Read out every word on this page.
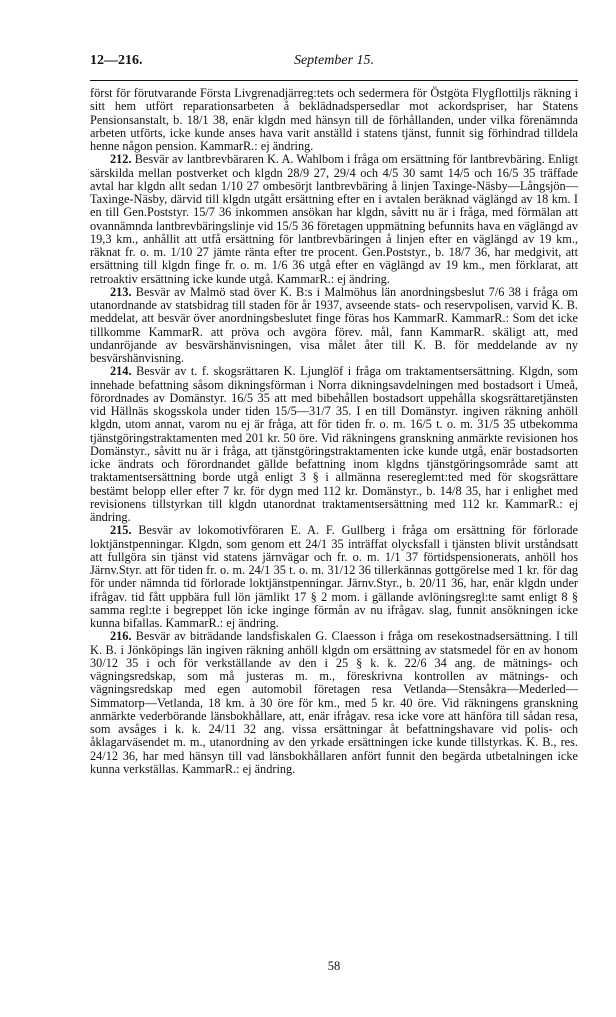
12—216.	September 15.

först för förutvarande Första Livgrenadjärreg:tets och sedermera för Östgöta Flygflottiljs räkning i sitt hem utfört reparationsarbeten å beklädnadspersedlar mot ackordspriser, har Statens Pensionsanstalt, b. 18/1 38, enär klgdn med hänsyn till de förhållanden, under vilka förenämnda arbeten utförts, icke kunde anses hava varit anställd i statens tjänst, funnit sig förhindrad tilldela henne någon pension. KammarR.: ej ändring.

212. Besvär av lantbrevbäraren K. A. Wahlbom i fråga om ersättning för lantbrevbäring. Enligt särskilda mellan postverket och klgdn 28/9 27, 29/4 och 4/5 30 samt 14/5 och 16/5 35 träffade avtal har klgdn allt sedan 1/10 27 ombesörjt lantbrevbäring å linjen Taxinge-Näsby—Långsjön—Taxinge-Näsby, därvid till klgdn utgått ersättning efter en i avtalen beräknad väglängd av 18 km. I en till Gen.Poststyr. 15/7 36 inkommen ansökan har klgdn, såvitt nu är i fråga, med förmälan att ovannämnda lantbrevbäringslinje vid 15/5 36 företagen uppmätning befunnits hava en väglängd av 19,3 km., anhållit att utfå ersättning för lantbrevbäringen å linjen efter en väglängd av 19 km., räknat fr. o. m. 1/10 27 jämte ränta efter tre procent. Gen.Poststyr., b. 18/7 36, har medgivit, att ersättning till klgdn finge fr. o. m. 1/6 36 utgå efter en väglängd av 19 km., men förklarat, att retroaktiv ersättning icke kunde utgå. KammarR.: ej ändring.

213. Besvär av Malmö stad över K. B:s i Malmöhus län anordningsbeslut 7/6 38 i fråga om utanordnande av statsbidrag till staden för år 1937, avseende stats- och reservpolisen, varvid K. B. meddelat, att besvär över anordningsbeslutet finge föras hos KammarR. KammarR.: Som det icke tillkomme KammarR. att pröva och avgöra förev. mål, fann KammarR. skäligt att, med undanröjande av besvärshänvisningen, visa målet åter till K. B. för meddelande av ny besvärshänvisning.

214. Besvär av t. f. skogsrättaren K. Ljunglöf i fråga om traktamentsersättning. Klgdn, som innehade befattning såsom dikningsförman i Norra dikningsavdelningen med bostadsort i Umeå, förordnades av Domänstyr. 16/5 35 att med bibehållen bostadsort uppehålla skogsrättaretjänsten vid Hällnäs skogsskola under tiden 15/5—31/7 35. I en till Domänstyr. ingiven räkning anhöll klgdn, utom annat, varom nu ej är fråga, att för tiden fr. o. m. 16/5 t. o. m. 31/5 35 utbekomma tjänstgöringstraktamenten med 201 kr. 50 öre. Vid räkningens granskning anmärkte revisionen hos Domänstyr., såvitt nu är i fråga, att tjänstgöringstraktamenten icke kunde utgå, enär bostadsorten icke ändrats och förordnandet gällde befattning inom klgdns tjänstgöringsområde samt att traktamentsersättning borde utgå enligt 3 § i allmänna resereglemt:ted med för skogsrättare bestämt belopp eller efter 7 kr. för dygn med 112 kr. Domänstyr., b. 14/8 35, har i enlighet med revisionens tillstyrkan till klgdn utanordnat traktamentsersättning med 112 kr. KammarR.: ej ändring.

215. Besvär av lokomotivföraren E. A. F. Gullberg i fråga om ersättning för förlorade loktjänstpenningar. Klgdn, som genom ett 24/1 35 inträffat olycksfall i tjänsten blivit urståndsatt att fullgöra sin tjänst vid statens järnvägar och fr. o. m. 1/1 37 förtidspensionerats, anhöll hos Järnv.Styr. att för tiden fr. o. m. 24/1 35 t. o. m. 31/12 36 tillerkännas gottgörelse med 1 kr. för dag för under nämnda tid förlorade loktjänstpenningar. Järnv.Styr., b. 20/11 36, har, enär klgdn under ifrågav. tid fått uppbära full lön jämlikt 17 § 2 mom. i gällande avlöningsregl:te samt enligt 8 § samma regl:te i begreppet lön icke inginge förmån av nu ifrågav. slag, funnit ansökningen icke kunna bifallas. KammarR.: ej ändring.

216. Besvär av biträdande landsfiskalen G. Claesson i fråga om resekostnadsersättning. I till K. B. i Jönköpings län ingiven räkning anhöll klgdn om ersättning av statsmedel för en av honom 30/12 35 i och för verkställande av den i 25 § k. k. 22/6 34 ang. de mätnings- och vägningsredskap, som må justeras m. m., föreskrivna kontrollen av mätnings- och vägningsredskap med egen automobil företagen resa Vetlanda—Stensåkra—Mederled—Simmatorp—Vetlanda, 18 km. à 30 öre för km., med 5 kr. 40 öre. Vid räkningens granskning anmärkte vederbörande länsbokhållare, att, enär ifrågav. resa icke vore att hänföra till sådan resa, som avsåges i k. k. 24/11 32 ang. vissa ersättningar åt befattningshavare vid polis- och åklagarväsendet m. m., utanordning av den yrkade ersättningen icke kunde tillstyrkas. K. B., res. 24/12 36, har med hänsyn till vad länsbokhållaren anfört funnit den begärda utbetalningen icke kunna verkställas. KammarR.: ej ändring.

58
